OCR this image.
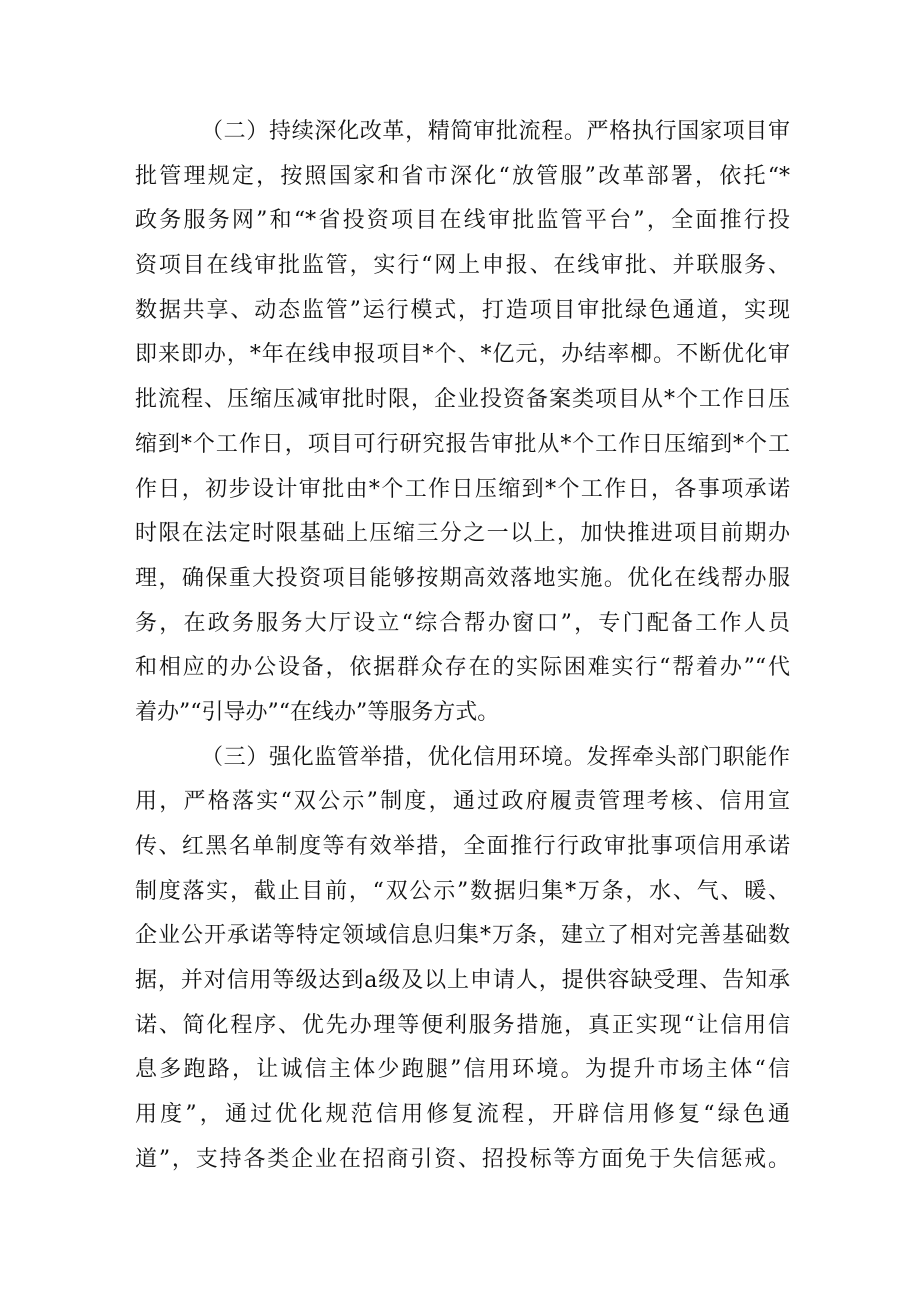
（二）持续深化改革，精简审批流程。严格执行国家项目审
批管理规定，按照国家和省市深化“放管服”改革部署，依托“*
政务服务网”和“*省投资项目在线审批监管平台”，全面推行投
资项目在线审批监管，实行“网上申报、在线审批、并联服务、
数据共享、动态监管”运行模式，打造项目审批绿色通道，实现
即来即办，*年在线申报项目*个、*亿元，办结率楖。不断优化审
批流程、压缩压减审批时限，企业投资备案类项目从*个工作日压
缩到*个工作日，项目可行研究报告审批从*个工作日压缩到*个工
作日，初步设计审批由*个工作日压缩到*个工作日，各事项承诺
时限在法定时限基础上压缩三分之一以上，加快推进项目前期办
理，确保重大投资项目能够按期高效落地实施。优化在线帮办服
务，在政务服务大厅设立“综合帮办窗口”，专门配备工作人员
和相应的办公设备，依据群众存在的实际困难实行“帮着办”“代
着办”“引导办”“在线办”等服务方式。
（三）强化监管举措，优化信用环境。发挥牵头部门职能作
用，严格落实“双公示”制度，通过政府履责管理考核、信用宣
传、红黑名单制度等有效举措，全面推行行政审批事项信用承诺
制度落实，截止目前，“双公示”数据归集*万条，水、气、暖、
企业公开承诺等特定领域信息归集*万条，建立了相对完善基础数
据，并对信用等级达到a级及以上申请人，提供容缺受理、告知承
诺、简化程序、优先办理等便利服务措施，真正实现“让信用信
息多跑路，让诚信主体少跑腿”信用环境。为提升市场主体“信
用度”，通过优化规范信用修复流程，开辟信用修复“绿色通
道”，支持各类企业在招商引资、招投标等方面免于失信惩戒。
